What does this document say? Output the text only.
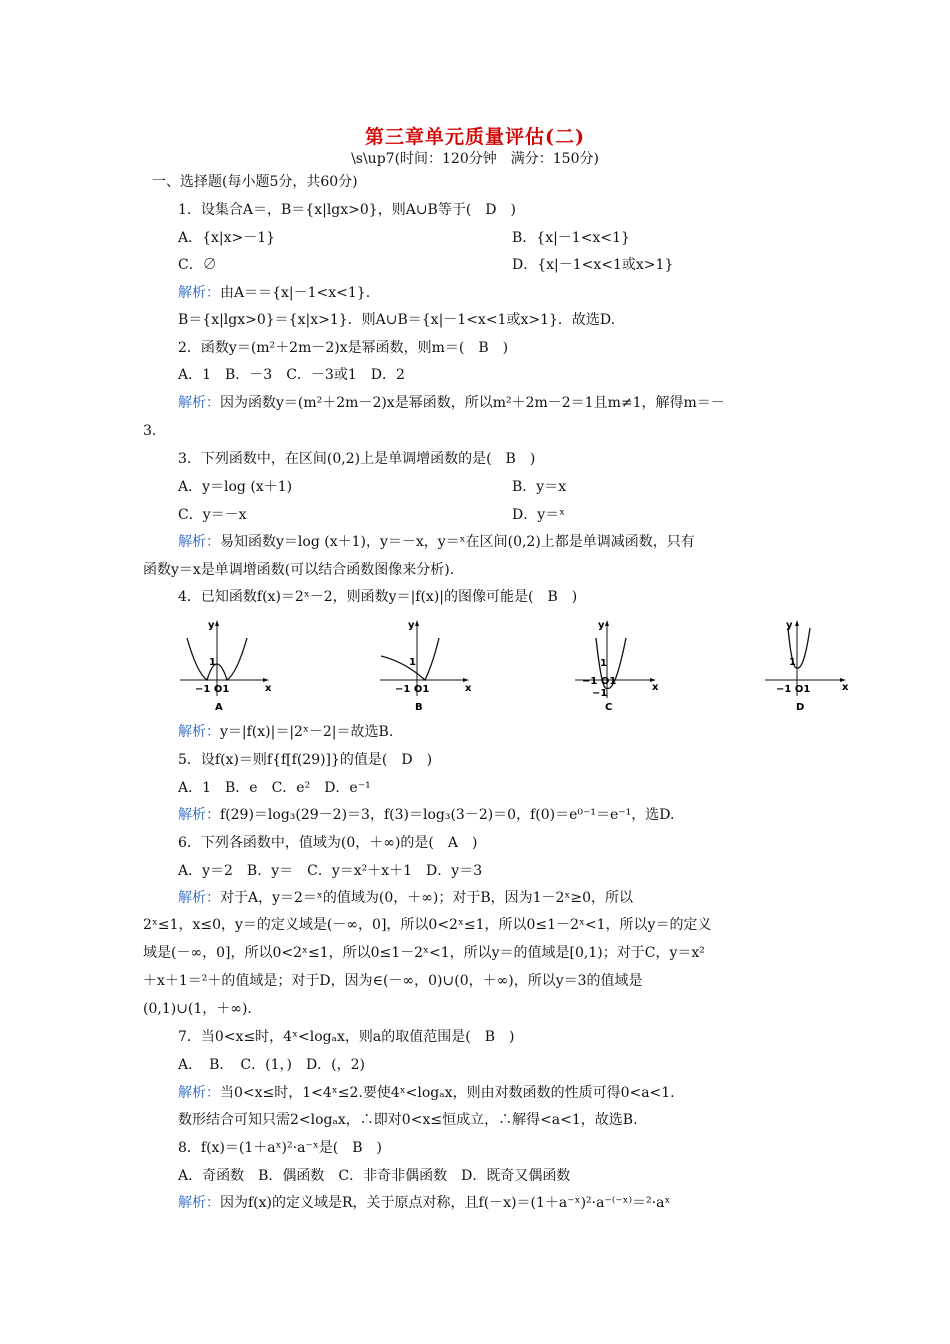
第三章单元质量评估(二)
\s\up7(时间：120分钟　满分：150分)
一、选择题(每小题5分，共60分)
1．设集合A＝，B＝{x|lgx>0}，则A∪B等于(　D　)
A．{x|x>－1}	B．{x|－1<x<1}
C．∅	D．{x|－1<x<1或x>1}
解析：由A＝＝{x|－1<x<1}.
B＝{x|lgx>0}＝{x|x>1}．则A∪B＝{x|－1<x<1或x>1}．故选D.
2．函数y＝(m²＋2m－2)x是幂函数，则m＝(　B　)
A．1　B．－3　C．－3或1　D．2
解析：因为函数y＝(m²＋2m－2)x是幂函数，所以m²＋2m－2＝1且m≠1，解得m＝－
3.
3．下列函数中，在区间(0,2)上是单调增函数的是(　B　)
A．y＝log (x＋1)	B．y＝x
C．y＝－x	D．y＝ˣ
解析：易知函数y＝log (x＋1)，y＝－x，y＝ˣ在区间(0,2)上都是单调减函数，只有
函数y＝x是单调增函数(可以结合函数图像来分析).
4．已知函数f(x)＝2ˣ－2，则函数y＝|f(x)|的图像可能是(　B　)
y
x
1
−1 O1
A
y
x
1
−1 O1
B
y
x
1
−1 O1
−1
C
y
x
1
−1 O1
D
解析：y＝|f(x)|＝|2ˣ－2|＝故选B.
5．设f(x)＝则f{f[f(29)]}的值是(　D　)
A．1　B．e　C．e²　D．e⁻¹
解析：f(29)＝log₃(29－2)＝3，f(3)＝log₃(3－2)＝0，f(0)＝e⁰⁻¹＝e⁻¹，选D.
6．下列各函数中，值域为(0，＋∞)的是(　A　)
A．y＝2　B．y＝　C．y＝x²＋x＋1　D．y＝3
解析：对于A，y＝2＝ˣ的值域为(0，＋∞)；对于B，因为1－2ˣ≥0，所以
2ˣ≤1，x≤0，y＝的定义域是(－∞，0]，所以0<2ˣ≤1，所以0≤1－2ˣ<1，所以y＝的定义
域是(－∞，0]，所以0<2ˣ≤1，所以0≤1－2ˣ<1，所以y＝的值域是[0,1)；对于C，y＝x²
＋x＋1＝²＋的值域是；对于D，因为∈(－∞，0)∪(0，＋∞)，所以y＝3的值域是
(0,1)∪(1，＋∞).
7．当0<x≤时，4ˣ<logₐx，则a的取值范围是(　B　)
A．　B．　C．(1，)　D．(，2)
解析：当0<x≤时，1<4ˣ≤2.要使4ˣ<logₐx，则由对数函数的性质可得0<a<1.
数形结合可知只需2<logₐx，∴即对0<x≤恒成立，∴解得<a<1，故选B.
8．f(x)＝(1＋aˣ)²·a⁻ˣ是(　B　)
A．奇函数　B．偶函数　C．非奇非偶函数　D．既奇又偶函数
解析：因为f(x)的定义域是R，关于原点对称，且f(－x)＝(1＋a⁻ˣ)²·a⁻⁽⁻ˣ⁾＝²·aˣ
